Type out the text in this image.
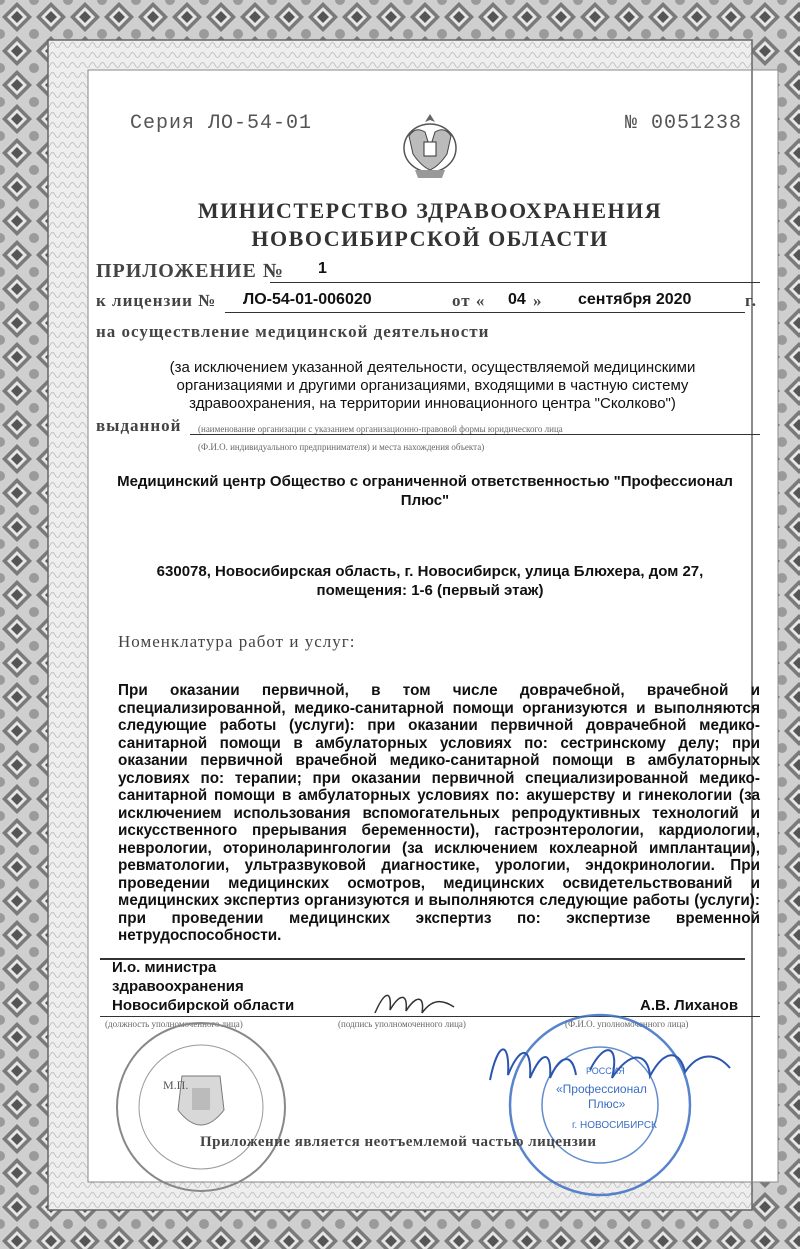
Серия ЛО-54-01	№ 0051238
МИНИСТЕРСТВО ЗДРАВООХРАНЕНИЯ
НОВОСИБИРСКОЙ ОБЛАСТИ
ПРИЛОЖЕНИЕ № 1
к лицензии № ЛО-54-01-006020	от « 04 » сентября 2020	г.
на осуществление медицинской деятельности
(за исключением указанной деятельности, осуществляемой медицинскими организациями и другими организациями, входящими в частную систему здравоохранения, на территории инновационного центра "Сколково")
выданной (наименование организации с указанием организационно-правовой формы юридического лица
(Ф.И.О. индивидуального предпринимателя) и места нахождения объекта)
Медицинский центр Общество с ограниченной ответственностью "Профессионал Плюс"
630078, Новосибирская область, г. Новосибирск, улица Блюхера, дом 27, помещения: 1-6 (первый этаж)
Номенклатура работ и услуг:
При оказании первичной, в том числе доврачебной, врачебной и специализированной, медико-санитарной помощи организуются и выполняются следующие работы (услуги): при оказании первичной доврачебной медико-санитарной помощи в амбулаторных условиях по: сестринскому делу; при оказании первичной врачебной медико-санитарной помощи в амбулаторных условиях по: терапии; при оказании первичной специализированной медико-санитарной помощи в амбулаторных условиях по: акушерству и гинекологии (за исключением использования вспомогательных репродуктивных технологий и искусственного прерывания беременности), гастроэнтерологии, кардиологии, неврологии, оториноларингологии (за исключением кохлеарной имплантации), ревматологии, ультразвуковой диагностике, урологии, эндокринологии. При проведении медицинских осмотров, медицинских освидетельствований и медицинских экспертиз организуются и выполняются следующие работы (услуги): при проведении медицинских экспертиз по: экспертизе временной нетрудоспособности.
И.о. министра
здравоохранения
Новосибирской области	А.В. Лиханов
(должность уполномоченного лица)	(подпись уполномоченного лица)	(Ф.И.О. уполномоченного лица)
М.П.
РОССИЯ
«Профессионал
Плюс»
г. НОВОСИБИРСК
Приложение является неотъемлемой частью лицензии
